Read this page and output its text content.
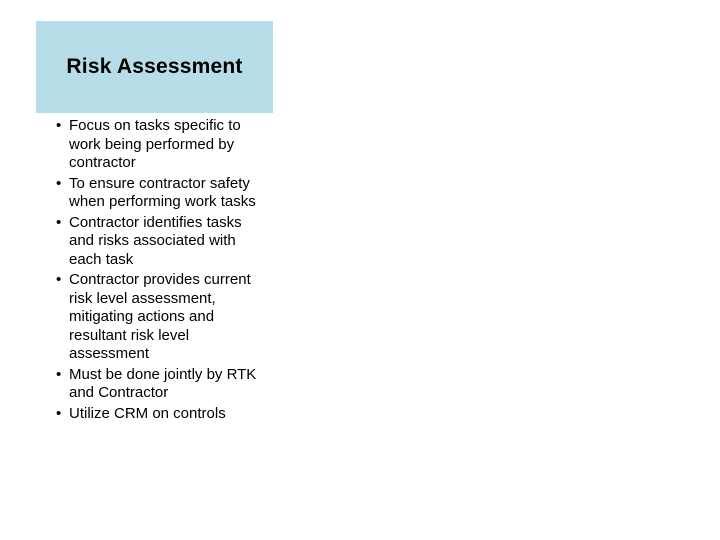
Risk Assessment
• Focus on tasks specific to work being performed by contractor
• To ensure contractor safety when performing work tasks
• Contractor identifies tasks  and risks associated with each task
• Contractor provides current risk level assessment, mitigating actions and resultant risk level assessment
• Must be done jointly by RTK and Contractor
• Utilize CRM on controls
